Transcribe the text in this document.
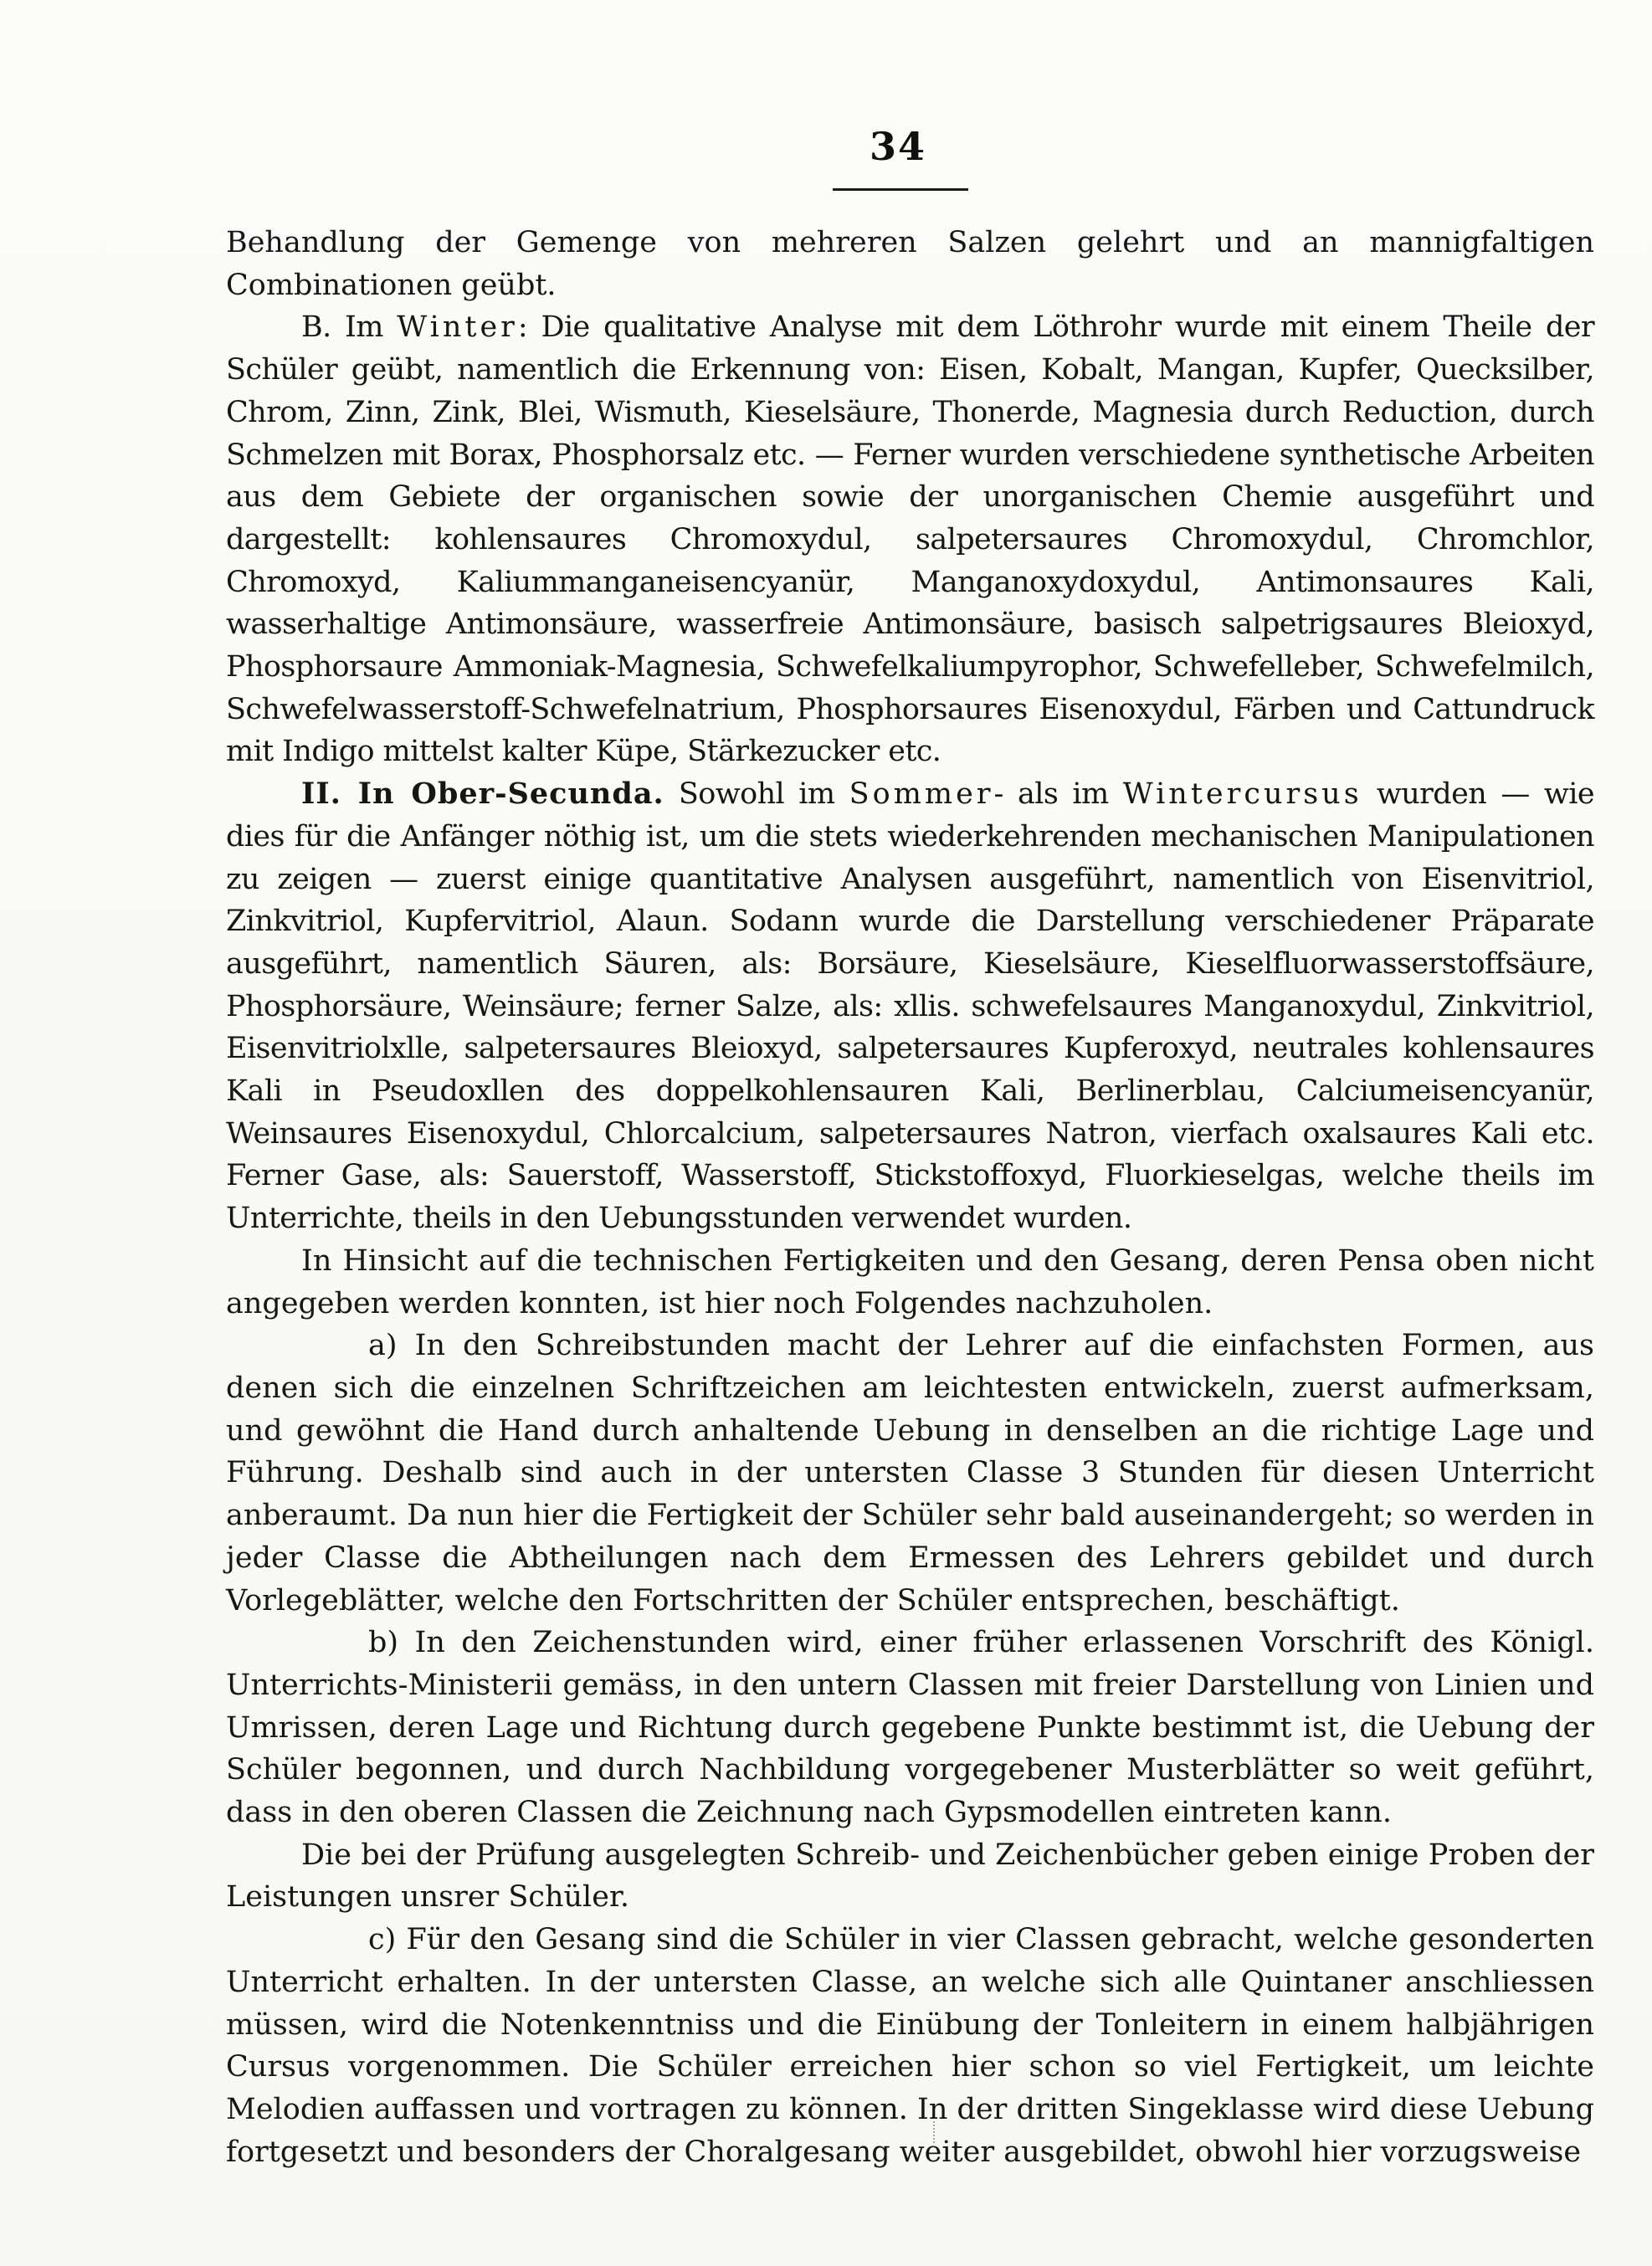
34

Behandlung der Gemenge von mehreren Salzen gelehrt und an mannigfaltigen Combinationen geübt.

B. Im Winter: Die qualitative Analyse mit dem Löthrohr wurde mit einem Theile der Schüler geübt, namentlich die Erkennung von: Eisen, Kobalt, Mangan, Kupfer, Quecksilber, Chrom, Zinn, Zink, Blei, Wismuth, Kieselsäure, Thonerde, Magnesia durch Reduction, durch Schmelzen mit Borax, Phosphorsalz etc. — Ferner wurden verschiedene synthetische Arbeiten aus dem Gebiete der organischen sowie der unorganischen Chemie ausgeführt und dargestellt: kohlensaures Chromoxydul, salpetersaures Chromoxydul, Chromchlor, Chromoxyd, Kaliummanganeisencyanür, Manganoxydoxydul, Antimonsaures Kali, wasserhaltige Antimonsäure, wasserfreie Antimonsäure, basisch salpetrigsaures Bleioxyd, Phosphorsaure Ammoniak-Magnesia, Schwefelkaliumpyrophor, Schwefelleber, Schwefelmilch, Schwefelwasserstoff-Schwefelnatrium, Phosphorsaures Eisenoxydul, Färben und Cattundruck mit Indigo mittelst kalter Küpe, Stärkezucker etc.

II. In Ober-Secunda. Sowohl im Sommer- als im Wintercursus wurden — wie dies für die Anfänger nöthig ist, um die stets wiederkehrenden mechanischen Manipulationen zu zeigen — zuerst einige quantitative Analysen ausgeführt, namentlich von Eisenvitriol, Zinkvitriol, Kupfervitriol, Alaun. Sodann wurde die Darstellung verschiedener Präparate ausgeführt, namentlich Säuren, als: Borsäure, Kieselsäure, Kieselfluorwasserstoffsäure, Phosphorsäure, Weinsäure; ferner Salze, als: xllis. schwefelsaures Manganoxydul, Zinkvitriol, Eisenvitriolxlle, salpetersaures Bleioxyd, salpetersaures Kupferoxyd, neutrales kohlensaures Kali in Pseudoxllen des doppelkohlensauren Kali, Berlinerblau, Calciumeisencyanür, Weinsaures Eisenoxydul, Chlorcalcium, salpetersaures Natron, vierfach oxalsaures Kali etc. Ferner Gase, als: Sauerstoff, Wasserstoff, Stickstoffoxyd, Fluorkieselgas, welche theils im Unterrichte, theils in den Uebungsstunden verwendet wurden.

In Hinsicht auf die technischen Fertigkeiten und den Gesang, deren Pensa oben nicht angegeben werden konnten, ist hier noch Folgendes nachzuholen.

a) In den Schreibstunden macht der Lehrer auf die einfachsten Formen, aus denen sich die einzelnen Schriftzeichen am leichtesten entwickeln, zuerst aufmerksam, und gewöhnt die Hand durch anhaltende Uebung in denselben an die richtige Lage und Führung. Deshalb sind auch in der untersten Classe 3 Stunden für diesen Unterricht anberaumt. Da nun hier die Fertigkeit der Schüler sehr bald auseinandergeht; so werden in jeder Classe die Abtheilungen nach dem Ermessen des Lehrers gebildet und durch Vorlegeblätter, welche den Fortschritten der Schüler entsprechen, beschäftigt.

b) In den Zeichenstunden wird, einer früher erlassenen Vorschrift des Königl. Unterrichts-Ministerii gemäss, in den untern Classen mit freier Darstellung von Linien und Umrissen, deren Lage und Richtung durch gegebene Punkte bestimmt ist, die Uebung der Schüler begonnen, und durch Nachbildung vorgegebener Musterblätter so weit geführt, dass in den oberen Classen die Zeichnung nach Gypsmodellen eintreten kann.

Die bei der Prüfung ausgelegten Schreib- und Zeichenbücher geben einige Proben der Leistungen unsrer Schüler.

c) Für den Gesang sind die Schüler in vier Classen gebracht, welche gesonderten Unterricht erhalten. In der untersten Classe, an welche sich alle Quintaner anschliessen müssen, wird die Notenkenntniss und die Einübung der Tonleitern in einem halbjährigen Cursus vorgenommen. Die Schüler erreichen hier schon so viel Fertigkeit, um leichte Melodien auffassen und vortragen zu können. In der dritten Singeklasse wird diese Uebung fortgesetzt und besonders der Choralgesang weiter ausgebildet, obwohl hier vorzugsweise
